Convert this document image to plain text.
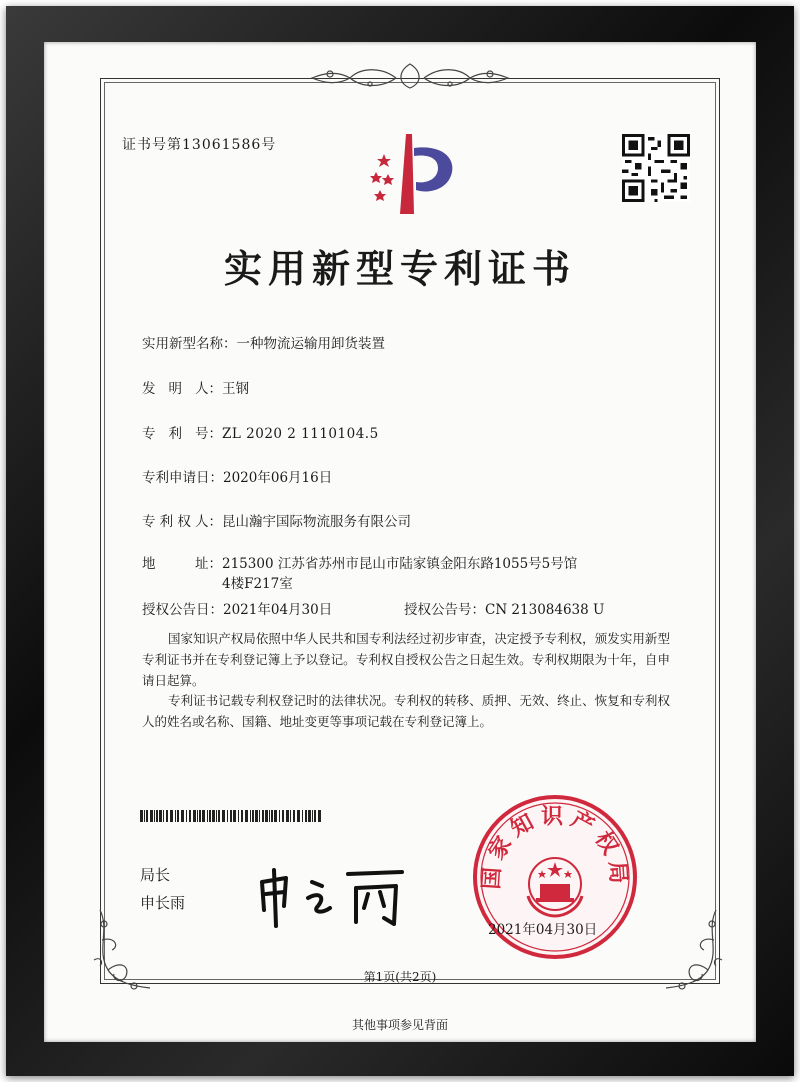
证书号第13061586号
实用新型专利证书
实用新型名称：一种物流运输用卸货装置
发 明 人： 王钢
专 利 号： ZL 2020 2 1110104.5
专利申请日：2020年06月16日
专 利 权 人： 昆山瀚宇国际物流服务有限公司
地	址： 215300 江苏省苏州市昆山市陆家镇金阳东路1055号5号馆
4楼F217室
授权公告日：2021年04月30日	授权公告号：CN 213084638 U
国家知识产权局依照中华人民共和国专利法经过初步审查，决定授予专利权，颁发实用新型专利证书并在专利登记簿上予以登记。专利权自授权公告之日起生效。专利权期限为十年，自申请日起算。
专利证书记载专利权登记时的法律状况。专利权的转移、质押、无效、终止、恢复和专利权人的姓名或名称、国籍、地址变更等事项记载在专利登记簿上。
局长
申长雨
国家知识产权局
2021年04月30日
第1页(共2页)
其他事项参见背面
